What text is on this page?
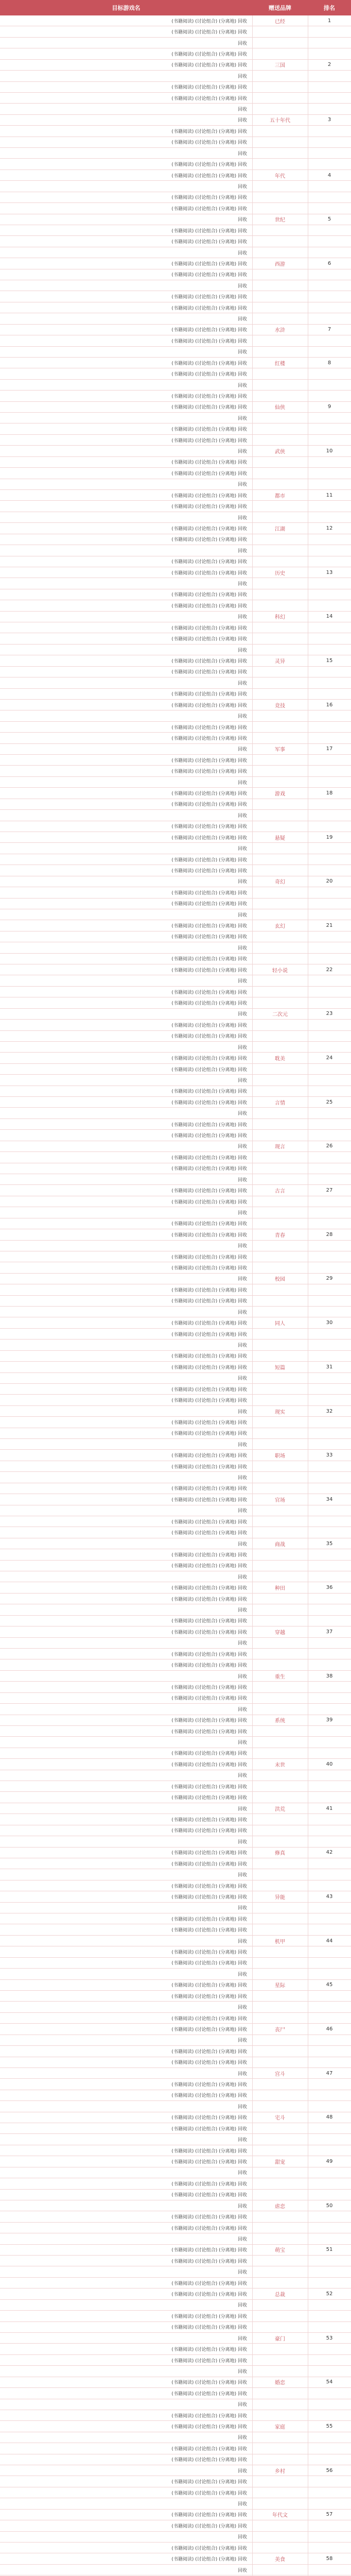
目标游戏名	赠送品牌	排名
(书籍阅读) (讨论组合) (分离地) 回收	已经	1
(书籍阅读) (讨论组合) (分离地) 回收
回收
(书籍阅读) (讨论组合) (分离地) 回收
(书籍阅读) (讨论组合) (分离地) 回收	三国	2
回收
(书籍阅读) (讨论组合) (分离地) 回收
(书籍阅读) (讨论组合) (分离地) 回收
回收
回收	五十年代	3
(书籍阅读) (讨论组合) (分离地) 回收
(书籍阅读) (讨论组合) (分离地) 回收
回收
(书籍阅读) (讨论组合) (分离地) 回收
(书籍阅读) (讨论组合) (分离地) 回收	年代	4
回收
(书籍阅读) (讨论组合) (分离地) 回收
(书籍阅读) (讨论组合) (分离地) 回收
回收	世纪	5
(书籍阅读) (讨论组合) (分离地) 回收
(书籍阅读) (讨论组合) (分离地) 回收
回收
(书籍阅读) (讨论组合) (分离地) 回收	西游	6
(书籍阅读) (讨论组合) (分离地) 回收
回收
(书籍阅读) (讨论组合) (分离地) 回收
(书籍阅读) (讨论组合) (分离地) 回收
回收
(书籍阅读) (讨论组合) (分离地) 回收	水浒	7
(书籍阅读) (讨论组合) (分离地) 回收
回收
(书籍阅读) (讨论组合) (分离地) 回收	红楼	8
(书籍阅读) (讨论组合) (分离地) 回收
回收
(书籍阅读) (讨论组合) (分离地) 回收
(书籍阅读) (讨论组合) (分离地) 回收	仙侠	9
回收
(书籍阅读) (讨论组合) (分离地) 回收
(书籍阅读) (讨论组合) (分离地) 回收
回收	武侠	10
(书籍阅读) (讨论组合) (分离地) 回收
(书籍阅读) (讨论组合) (分离地) 回收
回收
(书籍阅读) (讨论组合) (分离地) 回收	都市	11
(书籍阅读) (讨论组合) (分离地) 回收
回收
(书籍阅读) (讨论组合) (分离地) 回收	江湖	12
(书籍阅读) (讨论组合) (分离地) 回收
回收
(书籍阅读) (讨论组合) (分离地) 回收
(书籍阅读) (讨论组合) (分离地) 回收	历史	13
回收
(书籍阅读) (讨论组合) (分离地) 回收
(书籍阅读) (讨论组合) (分离地) 回收
回收	科幻	14
(书籍阅读) (讨论组合) (分离地) 回收
(书籍阅读) (讨论组合) (分离地) 回收
回收
(书籍阅读) (讨论组合) (分离地) 回收	灵异	15
(书籍阅读) (讨论组合) (分离地) 回收
回收
(书籍阅读) (讨论组合) (分离地) 回收
(书籍阅读) (讨论组合) (分离地) 回收	竞技	16
回收
(书籍阅读) (讨论组合) (分离地) 回收
(书籍阅读) (讨论组合) (分离地) 回收
回收	军事	17
(书籍阅读) (讨论组合) (分离地) 回收
(书籍阅读) (讨论组合) (分离地) 回收
回收
(书籍阅读) (讨论组合) (分离地) 回收	游戏	18
(书籍阅读) (讨论组合) (分离地) 回收
回收
(书籍阅读) (讨论组合) (分离地) 回收
(书籍阅读) (讨论组合) (分离地) 回收	悬疑	19
回收
(书籍阅读) (讨论组合) (分离地) 回收
(书籍阅读) (讨论组合) (分离地) 回收
回收	奇幻	20
(书籍阅读) (讨论组合) (分离地) 回收
(书籍阅读) (讨论组合) (分离地) 回收
回收
(书籍阅读) (讨论组合) (分离地) 回收	玄幻	21
(书籍阅读) (讨论组合) (分离地) 回收
回收
(书籍阅读) (讨论组合) (分离地) 回收
(书籍阅读) (讨论组合) (分离地) 回收	轻小说	22
回收
(书籍阅读) (讨论组合) (分离地) 回收
(书籍阅读) (讨论组合) (分离地) 回收
回收	二次元	23
(书籍阅读) (讨论组合) (分离地) 回收
(书籍阅读) (讨论组合) (分离地) 回收
回收
(书籍阅读) (讨论组合) (分离地) 回收	耽美	24
(书籍阅读) (讨论组合) (分离地) 回收
回收
(书籍阅读) (讨论组合) (分离地) 回收
(书籍阅读) (讨论组合) (分离地) 回收	言情	25
回收
(书籍阅读) (讨论组合) (分离地) 回收
(书籍阅读) (讨论组合) (分离地) 回收
回收	现言	26
(书籍阅读) (讨论组合) (分离地) 回收
(书籍阅读) (讨论组合) (分离地) 回收
回收
(书籍阅读) (讨论组合) (分离地) 回收	古言	27
(书籍阅读) (讨论组合) (分离地) 回收
回收
(书籍阅读) (讨论组合) (分离地) 回收
(书籍阅读) (讨论组合) (分离地) 回收	青春	28
回收
(书籍阅读) (讨论组合) (分离地) 回收
(书籍阅读) (讨论组合) (分离地) 回收
回收	校园	29
(书籍阅读) (讨论组合) (分离地) 回收
(书籍阅读) (讨论组合) (分离地) 回收
回收
(书籍阅读) (讨论组合) (分离地) 回收	同人	30
(书籍阅读) (讨论组合) (分离地) 回收
回收
(书籍阅读) (讨论组合) (分离地) 回收
(书籍阅读) (讨论组合) (分离地) 回收	短篇	31
回收
(书籍阅读) (讨论组合) (分离地) 回收
(书籍阅读) (讨论组合) (分离地) 回收
回收	现实	32
(书籍阅读) (讨论组合) (分离地) 回收
(书籍阅读) (讨论组合) (分离地) 回收
回收
(书籍阅读) (讨论组合) (分离地) 回收	职场	33
(书籍阅读) (讨论组合) (分离地) 回收
回收
(书籍阅读) (讨论组合) (分离地) 回收
(书籍阅读) (讨论组合) (分离地) 回收	官场	34
回收
(书籍阅读) (讨论组合) (分离地) 回收
(书籍阅读) (讨论组合) (分离地) 回收
回收	商战	35
(书籍阅读) (讨论组合) (分离地) 回收
(书籍阅读) (讨论组合) (分离地) 回收
回收
(书籍阅读) (讨论组合) (分离地) 回收	种田	36
(书籍阅读) (讨论组合) (分离地) 回收
回收
(书籍阅读) (讨论组合) (分离地) 回收
(书籍阅读) (讨论组合) (分离地) 回收	穿越	37
回收
(书籍阅读) (讨论组合) (分离地) 回收
(书籍阅读) (讨论组合) (分离地) 回收
回收	重生	38
(书籍阅读) (讨论组合) (分离地) 回收
(书籍阅读) (讨论组合) (分离地) 回收
回收
(书籍阅读) (讨论组合) (分离地) 回收	系统	39
(书籍阅读) (讨论组合) (分离地) 回收
回收
(书籍阅读) (讨论组合) (分离地) 回收
(书籍阅读) (讨论组合) (分离地) 回收	末世	40
回收
(书籍阅读) (讨论组合) (分离地) 回收
(书籍阅读) (讨论组合) (分离地) 回收
回收	洪荒	41
(书籍阅读) (讨论组合) (分离地) 回收
(书籍阅读) (讨论组合) (分离地) 回收
回收
(书籍阅读) (讨论组合) (分离地) 回收	修真	42
(书籍阅读) (讨论组合) (分离地) 回收
回收
(书籍阅读) (讨论组合) (分离地) 回收
(书籍阅读) (讨论组合) (分离地) 回收	异能	43
回收
(书籍阅读) (讨论组合) (分离地) 回收
(书籍阅读) (讨论组合) (分离地) 回收
回收	机甲	44
(书籍阅读) (讨论组合) (分离地) 回收
(书籍阅读) (讨论组合) (分离地) 回收
回收
(书籍阅读) (讨论组合) (分离地) 回收	星际	45
(书籍阅读) (讨论组合) (分离地) 回收
回收
(书籍阅读) (讨论组合) (分离地) 回收
(书籍阅读) (讨论组合) (分离地) 回收	丧尸	46
回收
(书籍阅读) (讨论组合) (分离地) 回收
(书籍阅读) (讨论组合) (分离地) 回收
回收	宫斗	47
(书籍阅读) (讨论组合) (分离地) 回收
(书籍阅读) (讨论组合) (分离地) 回收
回收
(书籍阅读) (讨论组合) (分离地) 回收	宅斗	48
(书籍阅读) (讨论组合) (分离地) 回收
回收
(书籍阅读) (讨论组合) (分离地) 回收
(书籍阅读) (讨论组合) (分离地) 回收	甜宠	49
回收
(书籍阅读) (讨论组合) (分离地) 回收
(书籍阅读) (讨论组合) (分离地) 回收
回收	虐恋	50
(书籍阅读) (讨论组合) (分离地) 回收
(书籍阅读) (讨论组合) (分离地) 回收
回收
(书籍阅读) (讨论组合) (分离地) 回收	萌宝	51
(书籍阅读) (讨论组合) (分离地) 回收
回收
(书籍阅读) (讨论组合) (分离地) 回收
(书籍阅读) (讨论组合) (分离地) 回收	总裁	52
回收
(书籍阅读) (讨论组合) (分离地) 回收
(书籍阅读) (讨论组合) (分离地) 回收
回收	豪门	53
(书籍阅读) (讨论组合) (分离地) 回收
(书籍阅读) (讨论组合) (分离地) 回收
回收
(书籍阅读) (讨论组合) (分离地) 回收	婚恋	54
(书籍阅读) (讨论组合) (分离地) 回收
回收
(书籍阅读) (讨论组合) (分离地) 回收
(书籍阅读) (讨论组合) (分离地) 回收	家庭	55
回收
(书籍阅读) (讨论组合) (分离地) 回收
(书籍阅读) (讨论组合) (分离地) 回收
回收	乡村	56
(书籍阅读) (讨论组合) (分离地) 回收
(书籍阅读) (讨论组合) (分离地) 回收
回收
(书籍阅读) (讨论组合) (分离地) 回收	年代文	57
(书籍阅读) (讨论组合) (分离地) 回收
回收
(书籍阅读) (讨论组合) (分离地) 回收
(书籍阅读) (讨论组合) (分离地) 回收	美食	58
回收
